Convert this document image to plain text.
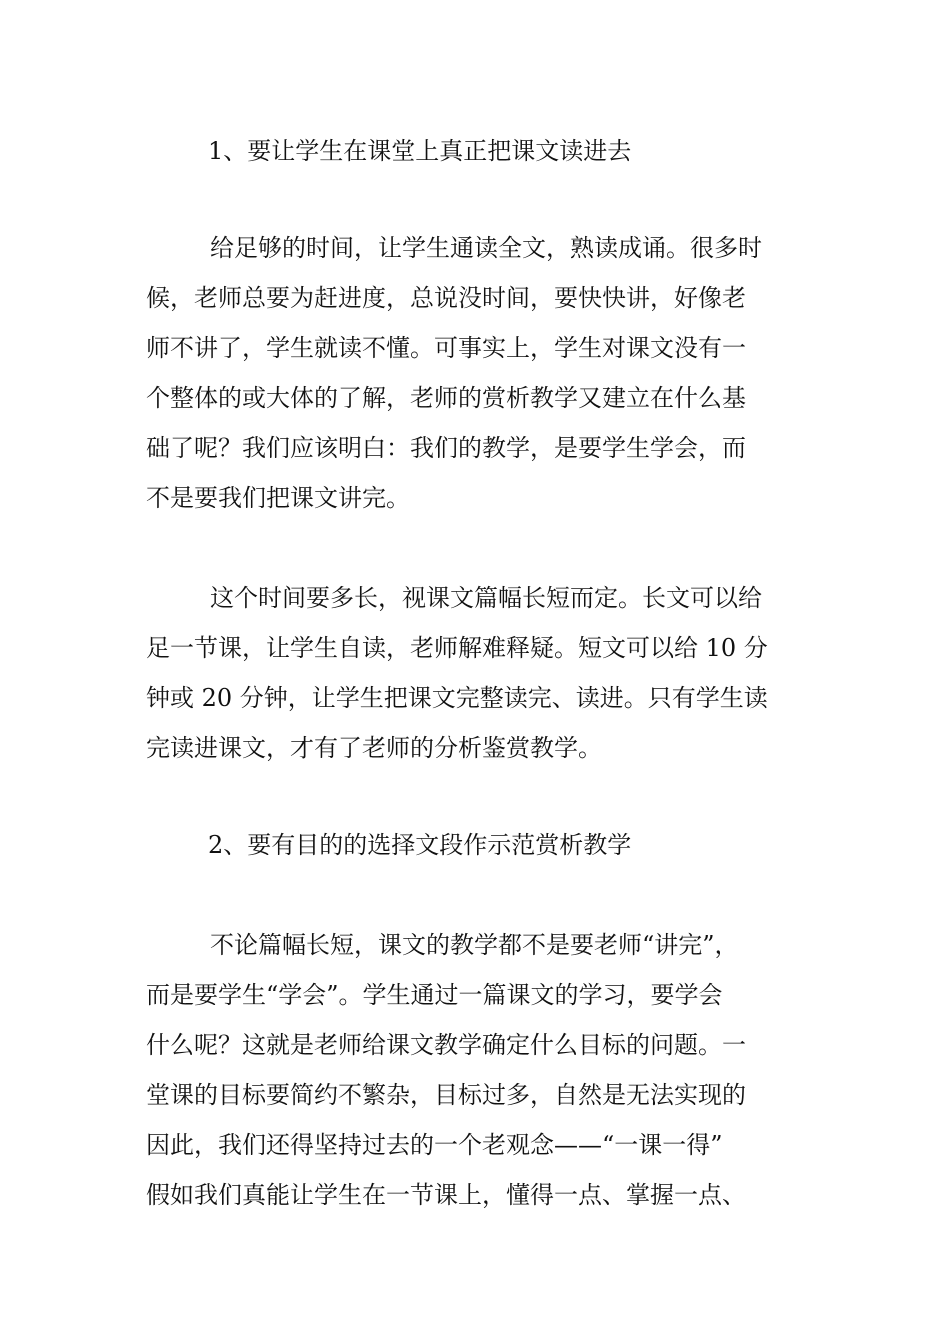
1、要让学生在课堂上真正把课文读进去
给足够的时间，让学生通读全文，熟读成诵。很多时
候，老师总要为赶进度，总说没时间，要快快讲，好像老
师不讲了，学生就读不懂。可事实上，学生对课文没有一
个整体的或大体的了解，老师的赏析教学又建立在什么基
础了呢？我们应该明白：我们的教学，是要学生学会，而
不是要我们把课文讲完。
这个时间要多长，视课文篇幅长短而定。长文可以给
足一节课，让学生自读，老师解难释疑。短文可以给 10 分
钟或 20 分钟，让学生把课文完整读完、读进。只有学生读
完读进课文，才有了老师的分析鉴赏教学。
2、要有目的的选择文段作示范赏析教学
不论篇幅长短，课文的教学都不是要老师“讲完”，
而是要学生“学会”。学生通过一篇课文的学习，要学会
什么呢？这就是老师给课文教学确定什么目标的问题。一
堂课的目标要简约不繁杂，目标过多，自然是无法实现的
因此，我们还得坚持过去的一个老观念——“一课一得”
假如我们真能让学生在一节课上，懂得一点、掌握一点、
